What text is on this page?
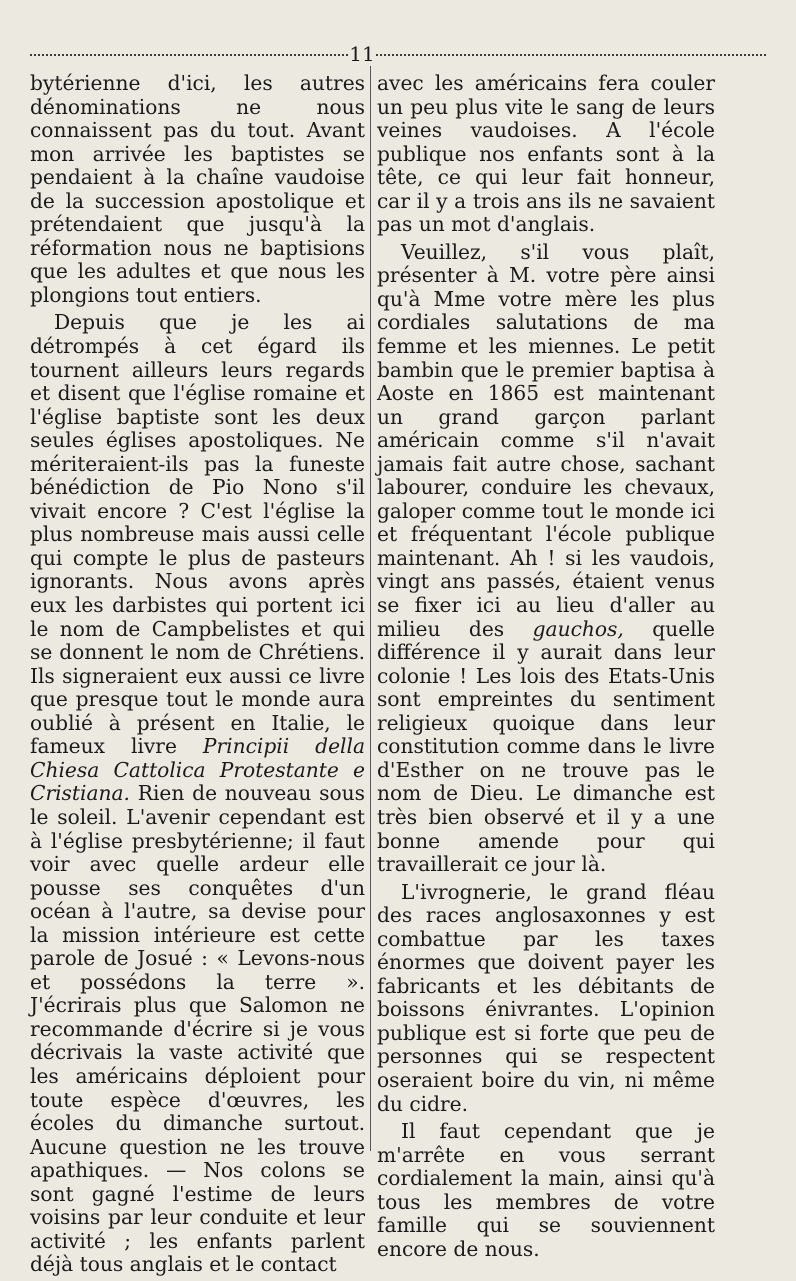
11

bytérienne d'ici, les autres dénominations ne nous connaissent pas du tout. Avant mon arrivée les baptistes se pendaient à la chaîne vaudoise de la succession apostolique et prétendaient que jusqu'à la réformation nous ne baptisions que les adultes et que nous les plongions tout entiers.

Depuis que je les ai détrompés à cet égard ils tournent ailleurs leurs regards et disent que l'église romaine et l'église baptiste sont les deux seules églises apostoliques. Ne mériteraient-ils pas la funeste bénédiction de Pio Nono s'il vivait encore ? C'est l'église la plus nombreuse mais aussi celle qui compte le plus de pasteurs ignorants. Nous avons après eux les darbistes qui portent ici le nom de Campbelistes et qui se donnent le nom de Chrétiens. Ils signeraient eux aussi ce livre que presque tout le monde aura oublié à présent en Italie, le fameux livre Principii della Chiesa Cattolica Protestante e Cristiana. Rien de nouveau sous le soleil. L'avenir cependant est à l'église presbytérienne; il faut voir avec quelle ardeur elle pousse ses conquêtes d'un océan à l'autre, sa devise pour la mission intérieure est cette parole de Josué : « Levons-nous et possédons la terre ». J'écrirais plus que Salomon ne recommande d'écrire si je vous décrivais la vaste activité que les américains déploient pour toute espèce d'œuvres, les écoles du dimanche surtout. Aucune question ne les trouve apathiques. — Nos colons se sont gagné l'estime de leurs voisins par leur conduite et leur activité ; les enfants parlent déjà tous anglais et le contact

avec les américains fera couler un peu plus vite le sang de leurs veines vaudoises. A l'école publique nos enfants sont à la tête, ce qui leur fait honneur, car il y a trois ans ils ne savaient pas un mot d'anglais.

Veuillez, s'il vous plaît, présenter à M. votre père ainsi qu'à Mme votre mère les plus cordiales salutations de ma femme et les miennes. Le petit bambin que le premier baptisa à Aoste en 1865 est maintenant un grand garçon parlant américain comme s'il n'avait jamais fait autre chose, sachant labourer, conduire les chevaux, galoper comme tout le monde ici et fréquentant l'école publique maintenant. Ah ! si les vaudois, vingt ans passés, étaient venus se fixer ici au lieu d'aller au milieu des gauchos, quelle différence il y aurait dans leur colonie ! Les lois des Etats-Unis sont empreintes du sentiment religieux quoique dans leur constitution comme dans le livre d'Esther on ne trouve pas le nom de Dieu. Le dimanche est très bien observé et il y a une bonne amende pour qui travaillerait ce jour là.

L'ivrognerie, le grand fléau des races anglosaxonnes y est combattue par les taxes énormes que doivent payer les fabricants et les débitants de boissons énivrantes. L'opinion publique est si forte que peu de personnes qui se respectent oseraient boire du vin, ni même du cidre.

Il faut cependant que je m'arrête en vous serrant cordialement la main, ainsi qu'à tous les membres de votre famille qui se souviennent encore de nous.
